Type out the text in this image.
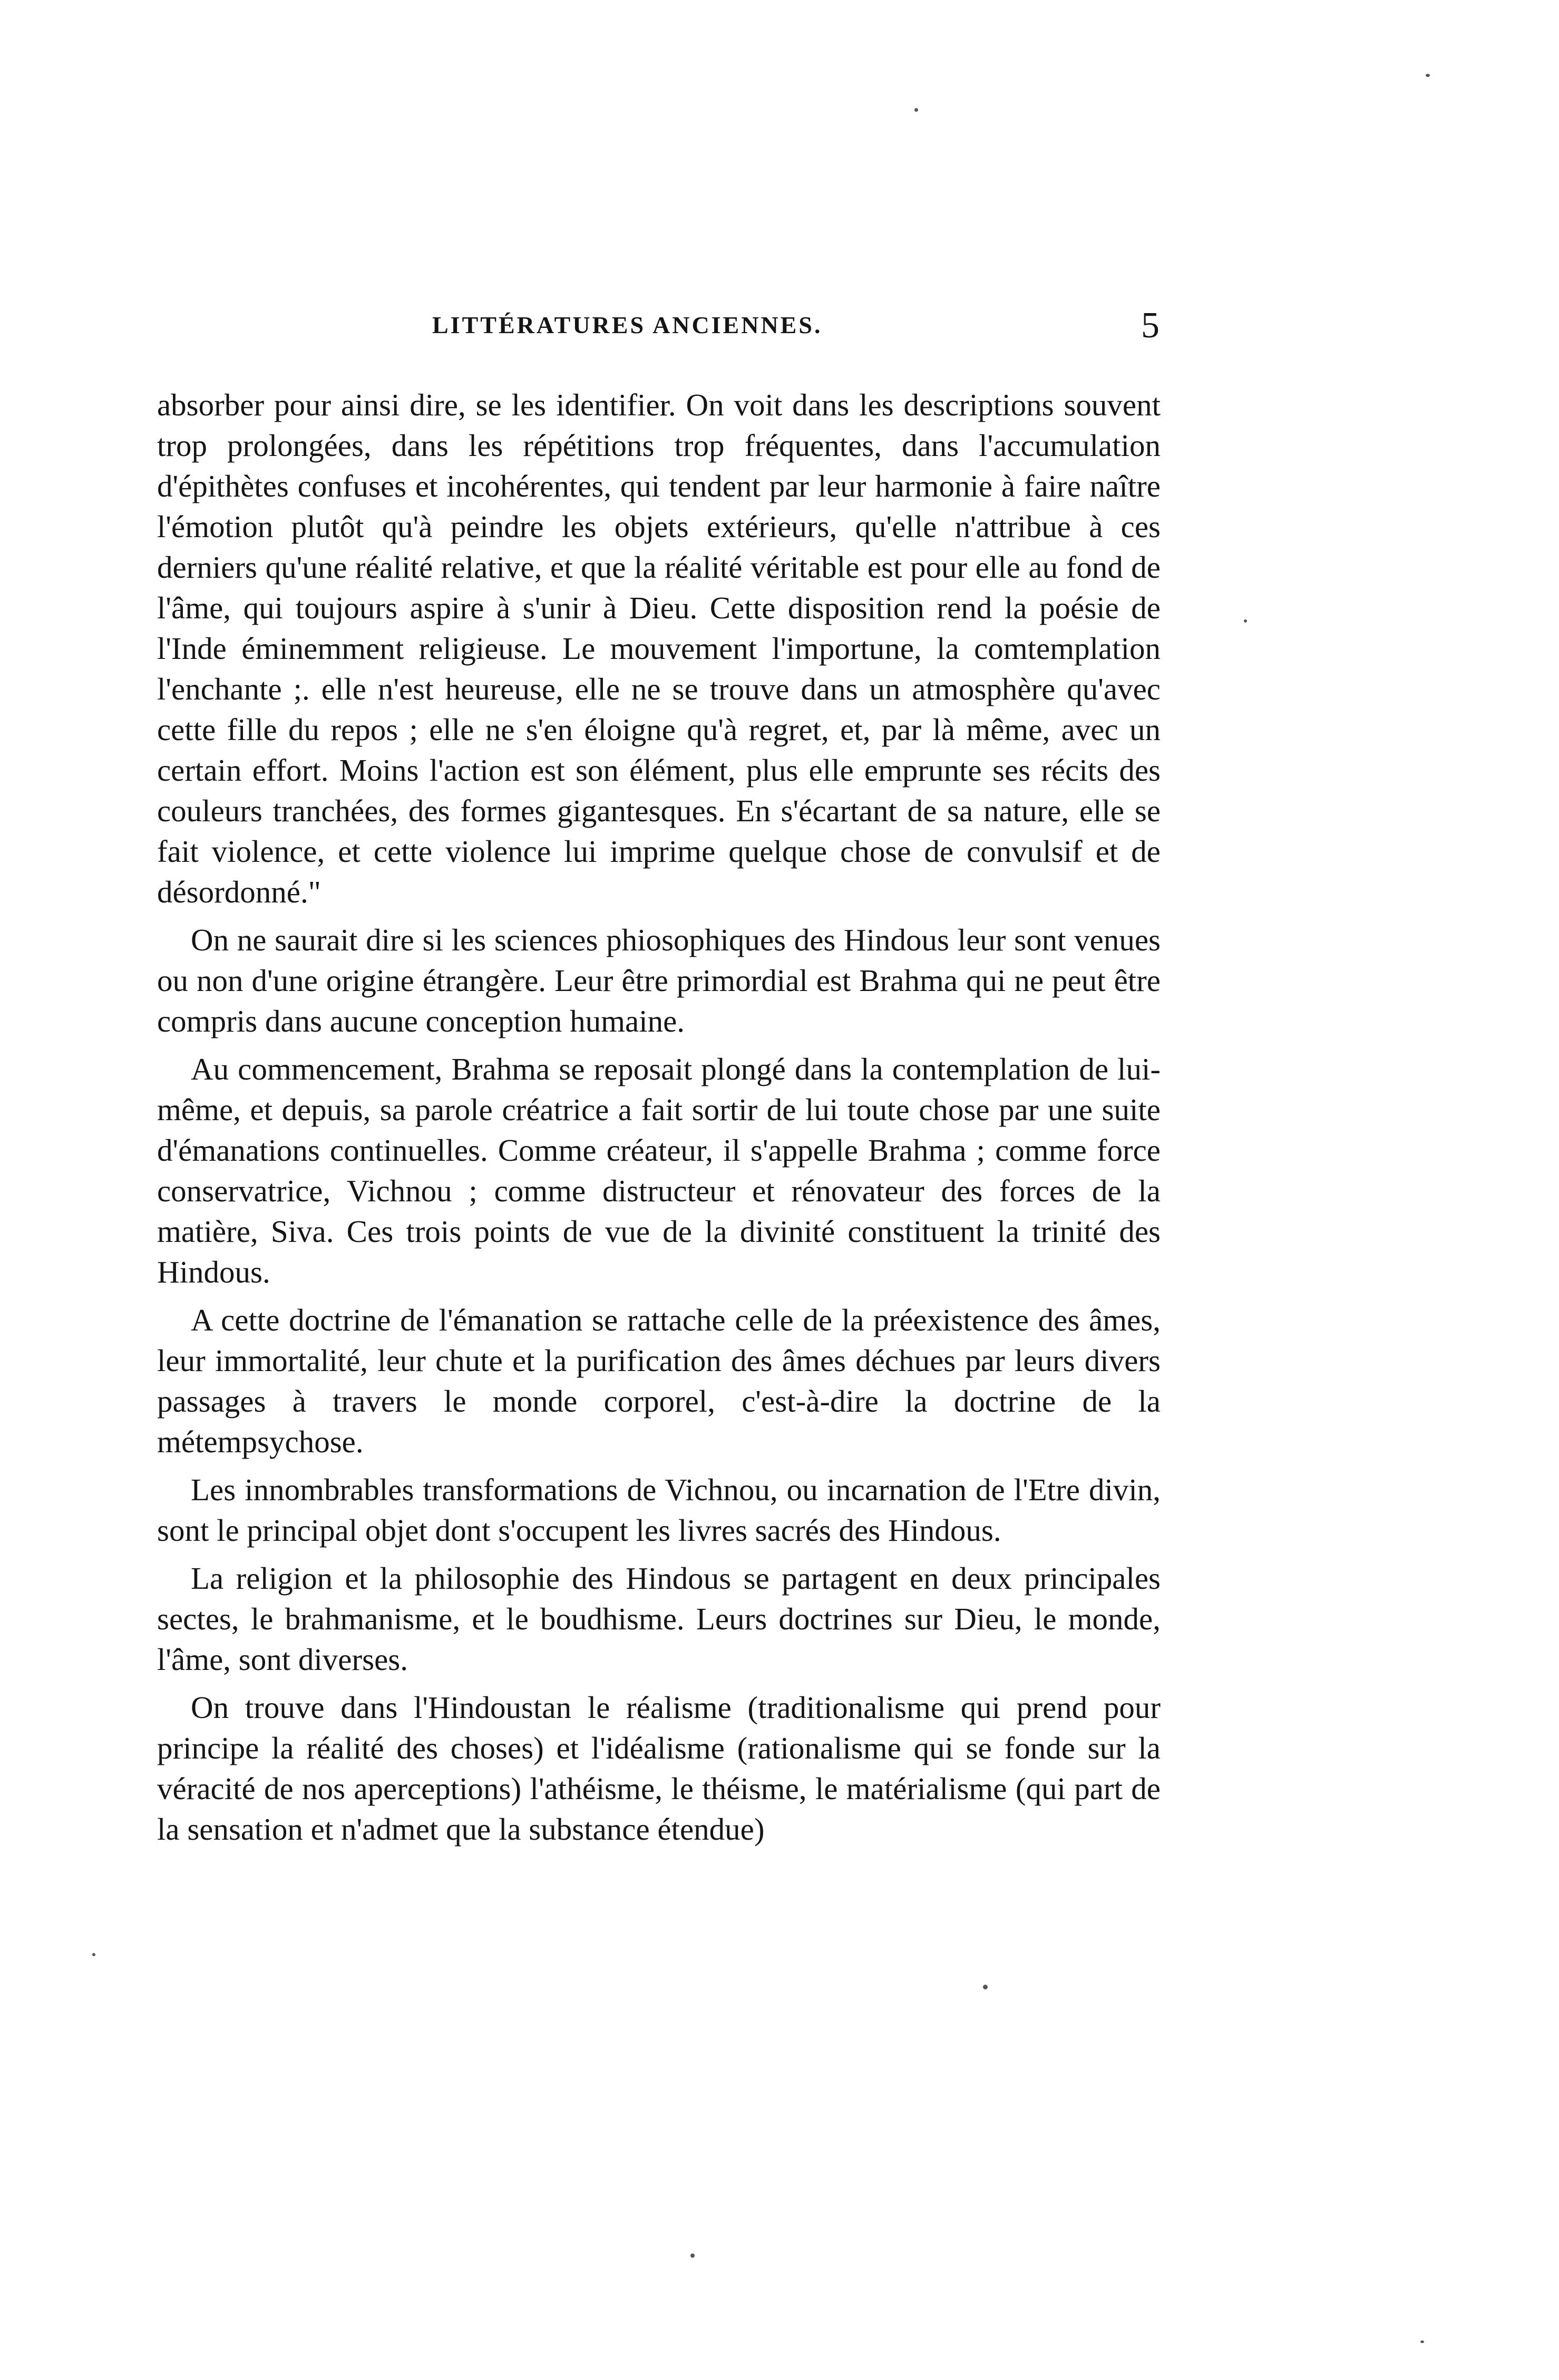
LITTÉRATURES ANCIENNES.	5

absorber pour ainsi dire, se les identifier. On voit dans les descriptions souvent trop prolongées, dans les répétitions trop fréquentes, dans l'accumulation d'épithètes confuses et incohérentes, qui tendent par leur harmonie à faire naître l'émotion plutôt qu'à peindre les objets extérieurs, qu'elle n'attribue à ces derniers qu'une réalité relative, et que la réalité véritable est pour elle au fond de l'âme, qui toujours aspire à s'unir à Dieu. Cette disposition rend la poésie de l'Inde éminemment religieuse. Le mouvement l'importune, la comtemplation l'enchante ;. elle n'est heureuse, elle ne se trouve dans un atmosphère qu'avec cette fille du repos ; elle ne s'en éloigne qu'à regret, et, par là même, avec un certain effort. Moins l'action est son élément, plus elle emprunte ses récits des couleurs tranchées, des formes gigantesques. En s'écartant de sa nature, elle se fait violence, et cette violence lui imprime quelque chose de convulsif et de désordonné."

On ne saurait dire si les sciences phiosophiques des Hindous leur sont venues ou non d'une origine étrangère. Leur être primordial est Brahma qui ne peut être compris dans aucune conception humaine.

Au commencement, Brahma se reposait plongé dans la contemplation de lui-même, et depuis, sa parole créatrice a fait sortir de lui toute chose par une suite d'émanations continuelles. Comme créateur, il s'appelle Brahma ; comme force conservatrice, Vichnou ; comme distructeur et rénovateur des forces de la matière, Siva. Ces trois points de vue de la divinité constituent la trinité des Hindous.

A cette doctrine de l'émanation se rattache celle de la préexistence des âmes, leur immortalité, leur chute et la purification des âmes déchues par leurs divers passages à travers le monde corporel, c'est-à-dire la doctrine de la métempsychose.

Les innombrables transformations de Vichnou, ou incarnation de l'Etre divin, sont le principal objet dont s'occupent les livres sacrés des Hindous.

La religion et la philosophie des Hindous se partagent en deux principales sectes, le brahmanisme, et le boudhisme. Leurs doctrines sur Dieu, le monde, l'âme, sont diverses.

On trouve dans l'Hindoustan le réalisme (traditionalisme qui prend pour principe la réalité des choses) et l'idéalisme (rationalisme qui se fonde sur la véracité de nos aperceptions) l'athéisme, le théisme, le matérialisme (qui part de la sensation et n'admet que la substance étendue)
